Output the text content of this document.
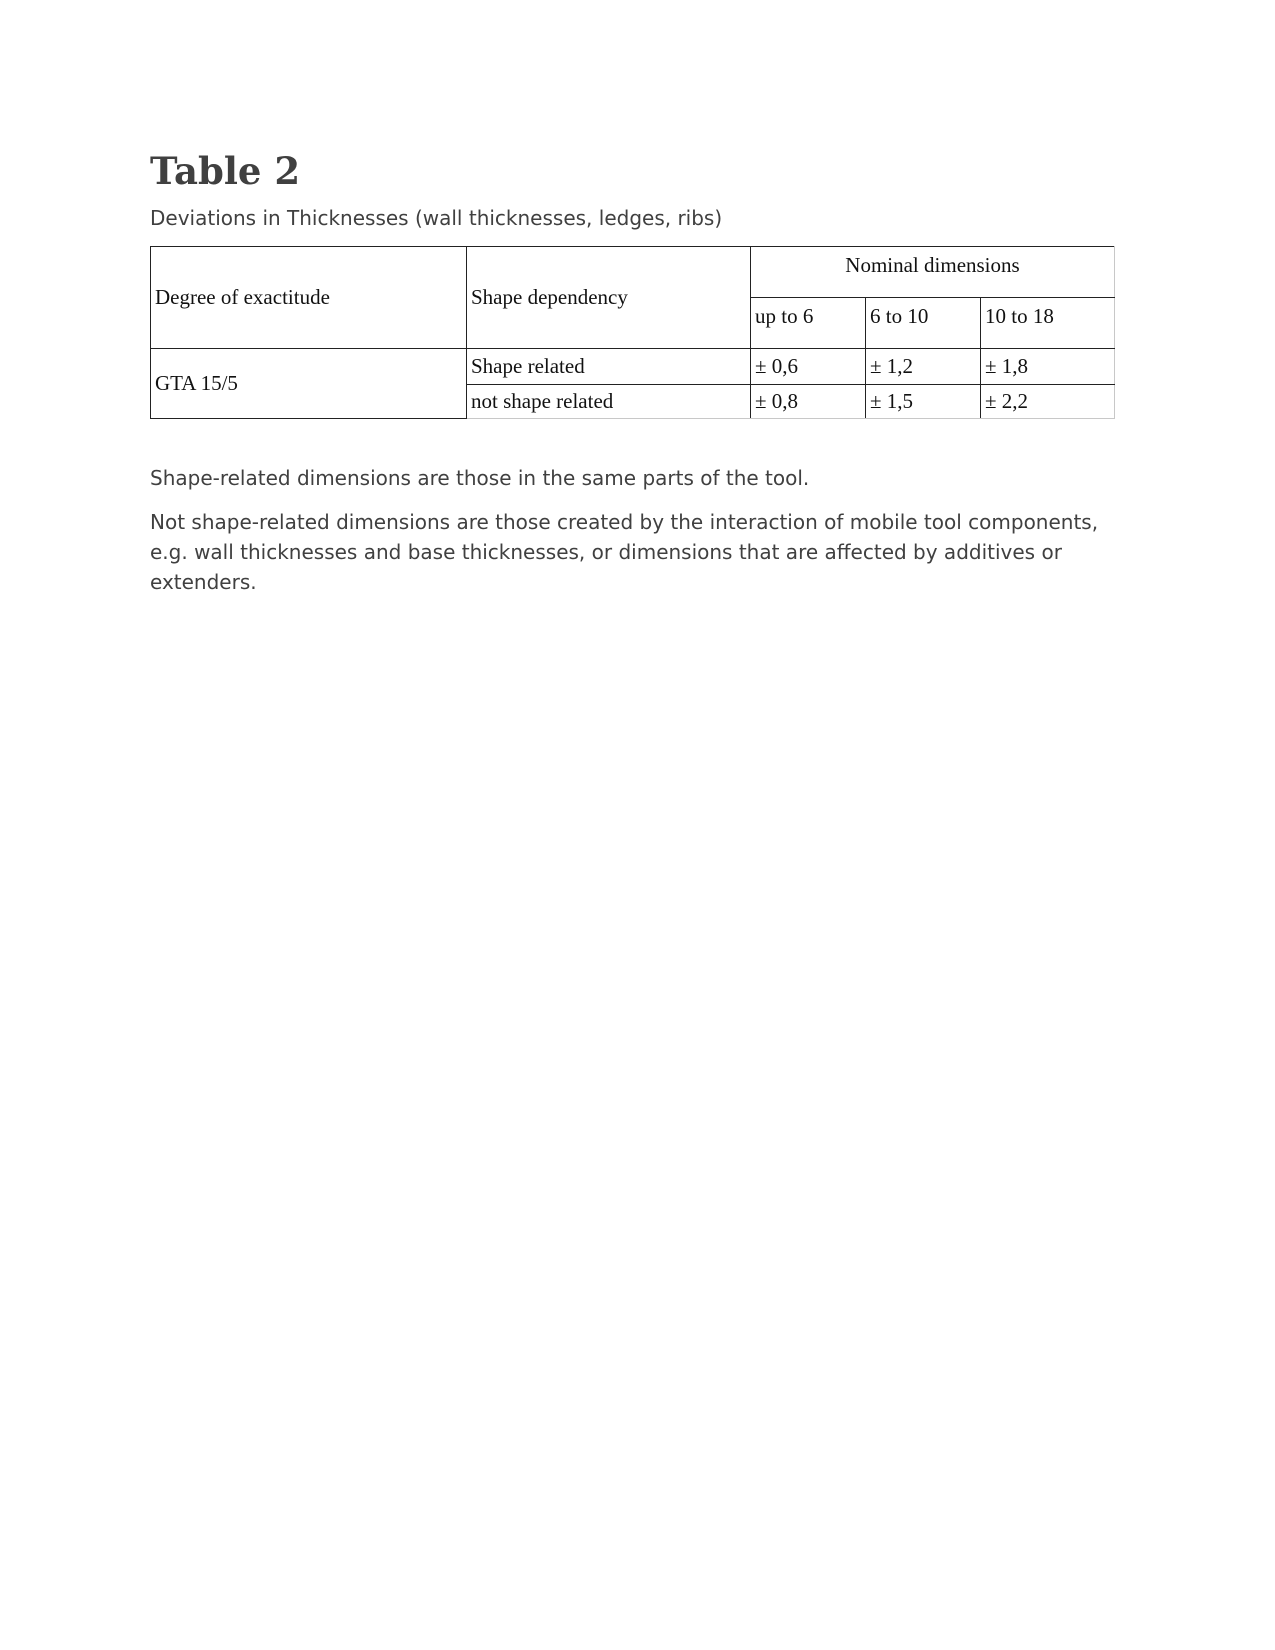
Table 2

Deviations in Thicknesses (wall thicknesses, ledges, ribs)

Degree of exactitude	Shape dependency	Nominal dimensions		
		up to 6	6 to 10	10 to 18
GTA 15/5	Shape related	± 0,6	± 1,2	± 1,8
	not shape related	± 0,8	± 1,5	± 2,2

Shape-related dimensions are those in the same parts of the tool.

Not shape-related dimensions are those created by the interaction of mobile tool components, e.g. wall thicknesses and base thicknesses, or dimensions that are affected by additives or extenders.
